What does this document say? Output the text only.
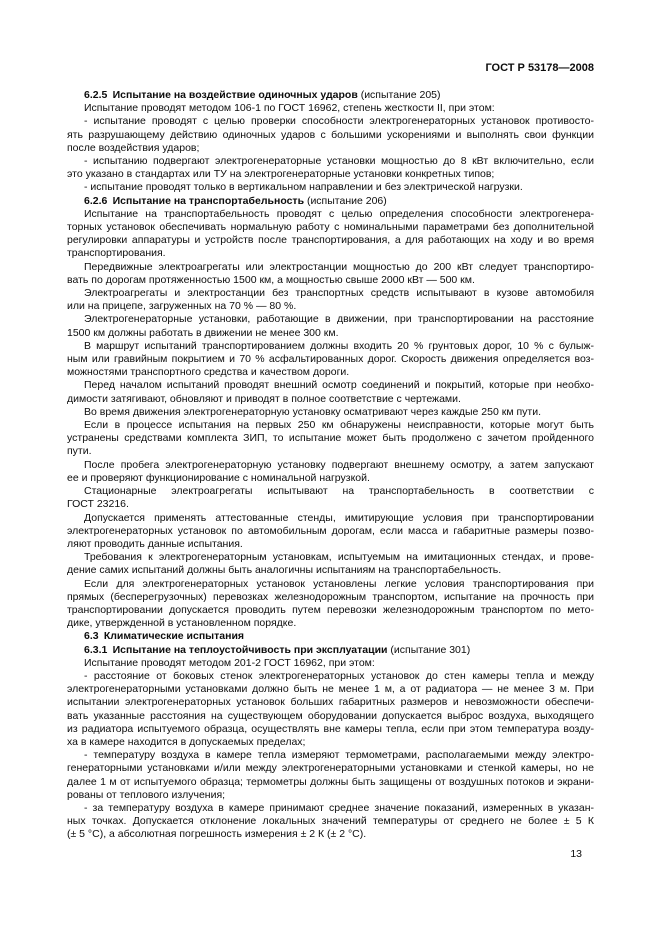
ГОСТ Р 53178—2008
6.2.5 Испытание на воздействие одиночных ударов (испытание 205)
Испытание проводят методом 106-1 по ГОСТ 16962, степень жесткости II, при этом:
- испытание проводят с целью проверки способности электрогенераторных установок противосто-
ять разрушающему действию одиночных ударов с большими ускорениями и выполнять свои функции
после воздействия ударов;
- испытанию подвергают электрогенераторные установки мощностью до 8 кВт включительно, если
это указано в стандартах или ТУ на электрогенераторные установки конкретных типов;
- испытание проводят только в вертикальном направлении и без электрической нагрузки.
6.2.6 Испытание на транспортабельность (испытание 206)
Испытание на транспортабельность проводят с целью определения способности электрогенера-
торных установок обеспечивать нормальную работу с номинальными параметрами без дополнительной
регулировки аппаратуры и устройств после транспортирования, а для работающих на ходу и во время
транспортирования.
Передвижные электроагрегаты или электростанции мощностью до 200 кВт следует транспортиро-
вать по дорогам протяженностью 1500 км, а мощностью свыше 2000 кВт — 500 км.
Электроагрегаты и электростанции без транспортных средств испытывают в кузове автомобиля
или на прицепе, загруженных на 70 % — 80 %.
Электрогенераторные установки, работающие в движении, при транспортировании на расстояние
1500 км должны работать в движении не менее 300 км.
В маршрут испытаний транспортированием должны входить 20 % грунтовых дорог, 10 % с булыж-
ным или гравийным покрытием и 70 % асфальтированных дорог. Скорость движения определяется воз-
можностями транспортного средства и качеством дороги.
Перед началом испытаний проводят внешний осмотр соединений и покрытий, которые при необхо-
димости затягивают, обновляют и приводят в полное соответствие с чертежами.
Во время движения электрогенераторную установку осматривают через каждые 250 км пути.
Если в процессе испытания на первых 250 км обнаружены неисправности, которые могут быть
устранены средствами комплекта ЗИП, то испытание может быть продолжено с зачетом пройденного
пути.
После пробега электрогенераторную установку подвергают внешнему осмотру, а затем запускают
ее и проверяют функционирование с номинальной нагрузкой.
Стационарные электроагрегаты испытывают на транспортабельность в соответствии с
ГОСТ 23216.
Допускается применять аттестованные стенды, имитирующие условия при транспортировании
электрогенераторных установок по автомобильным дорогам, если масса и габаритные размеры позво-
ляют проводить данные испытания.
Требования к электрогенераторным установкам, испытуемым на имитационных стендах, и прове-
дение самих испытаний должны быть аналогичны испытаниям на транспортабельность.
Если для электрогенераторных установок установлены легкие условия транспортирования при
прямых (бесперегрузочных) перевозках железнодорожным транспортом, испытание на прочность при
транспортировании допускается проводить путем перевозки железнодорожным транспортом по мето-
дике, утвержденной в установленном порядке.
6.3 Климатические испытания
6.3.1 Испытание на теплоустойчивость при эксплуатации (испытание 301)
Испытание проводят методом 201-2 ГОСТ 16962, при этом:
- расстояние от боковых стенок электрогенераторных установок до стен камеры тепла и между
электрогенераторными установками должно быть не менее 1 м, а от радиатора — не менее 3 м. При
испытании электрогенераторных установок больших габаритных размеров и невозможности обеспечи-
вать указанные расстояния на существующем оборудовании допускается выброс воздуха, выходящего
из радиатора испытуемого образца, осуществлять вне камеры тепла, если при этом температура возду-
ха в камере находится в допускаемых пределах;
- температуру воздуха в камере тепла измеряют термометрами, располагаемыми между электро-
генераторными установками и/или между электрогенераторными установками и стенкой камеры, но не
далее 1 м от испытуемого образца; термометры должны быть защищены от воздушных потоков и экрани-
рованы от теплового излучения;
- за температуру воздуха в камере принимают среднее значение показаний, измеренных в указан-
ных точках. Допускается отклонение локальных значений температуры от среднего не более ± 5 К
(± 5 °С), а абсолютная погрешность измерения ± 2 К (± 2 °С).
13
